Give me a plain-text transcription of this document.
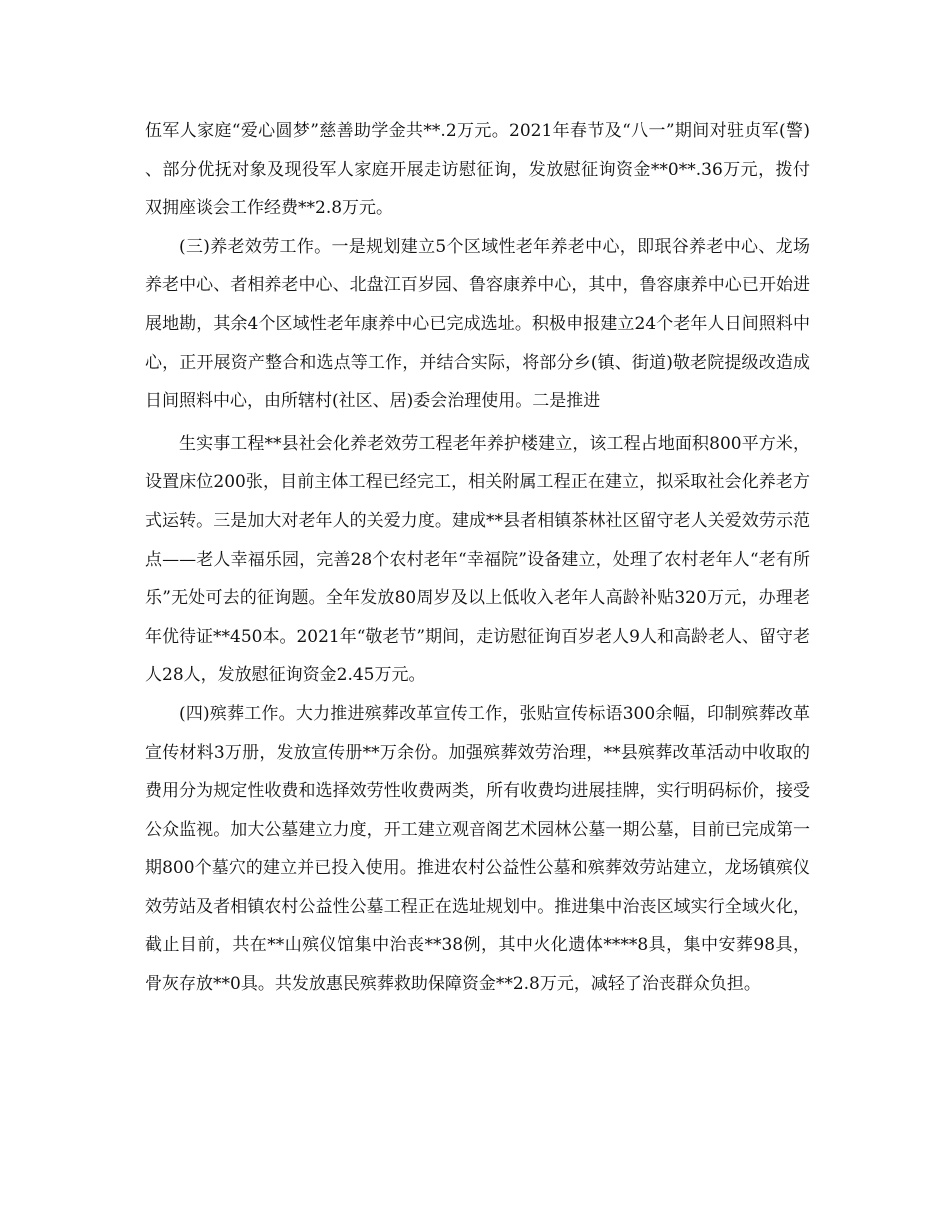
伍军人家庭“爱心圆梦”慈善助学金共**.2万元。2021年春节及“八一”期间对驻贞军(警)、部分优抚对象及现役军人家庭开展走访慰征询，发放慰征询资金**0**.36万元，拨付双拥座谈会工作经费**2.8万元。

(三)养老效劳工作。一是规划建立5个区域性老年养老中心，即珉谷养老中心、龙场养老中心、者相养老中心、北盘江百岁园、鲁容康养中心，其中，鲁容康养中心已开始进展地勘，其余4个区域性老年康养中心已完成选址。积极申报建立24个老年人日间照料中心，正开展资产整合和选点等工作，并结合实际，将部分乡(镇、街道)敬老院提级改造成日间照料中心，由所辖村(社区、居)委会治理使用。二是推进

生实事工程**县社会化养老效劳工程老年养护楼建立，该工程占地面积800平方米，设置床位200张，目前主体工程已经完工，相关附属工程正在建立，拟采取社会化养老方式运转。三是加大对老年人的关爱力度。建成**县者相镇茶林社区留守老人关爱效劳示范点——老人幸福乐园，完善28个农村老年“幸福院”设备建立，处理了农村老年人“老有所乐”无处可去的征询题。全年发放80周岁及以上低收入老年人高龄补贴320万元，办理老年优待证**450本。2021年“敬老节”期间，走访慰征询百岁老人9人和高龄老人、留守老人28人，发放慰征询资金2.45万元。

(四)殡葬工作。大力推进殡葬改革宣传工作，张贴宣传标语300余幅，印制殡葬改革宣传材料3万册，发放宣传册**万余份。加强殡葬效劳治理，**县殡葬改革活动中收取的费用分为规定性收费和选择效劳性收费两类，所有收费均进展挂牌，实行明码标价，接受公众监视。加大公墓建立力度，开工建立观音阁艺术园林公墓一期公墓，目前已完成第一期800个墓穴的建立并已投入使用。推进农村公益性公墓和殡葬效劳站建立，龙场镇殡仪效劳站及者相镇农村公益性公墓工程正在选址规划中。推进集中治丧区域实行全域火化，截止目前，共在**山殡仪馆集中治丧**38例，其中火化遗体****8具，集中安葬98具，骨灰存放**0具。共发放惠民殡葬救助保障资金**2.8万元，减轻了治丧群众负担。
